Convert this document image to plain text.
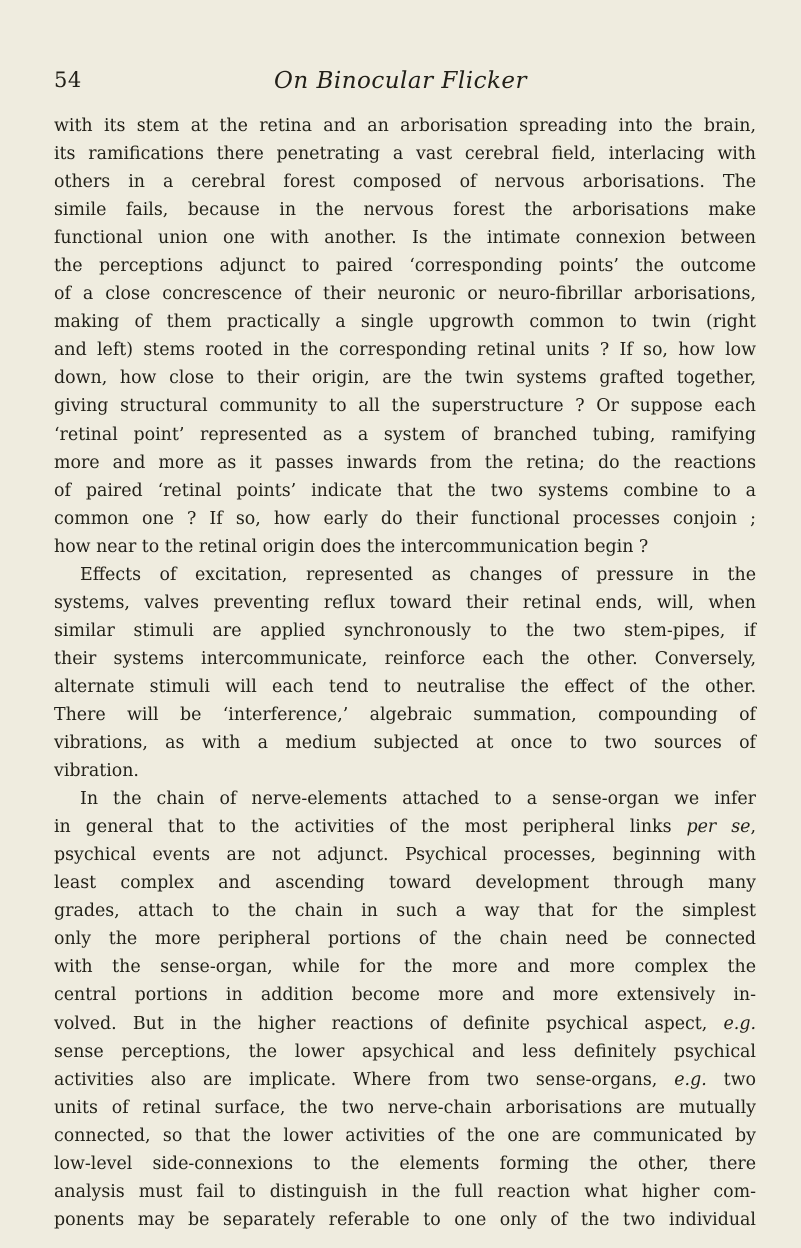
54	On Binocular Flicker
with its stem at the retina and an arborisation spreading into the brain,
its ramifications there penetrating a vast cerebral field, interlacing with
others in a cerebral forest composed of nervous arborisations. The
simile fails, because in the nervous forest the arborisations make
functional union one with another. Is the intimate connexion between
the perceptions adjunct to paired ‘corresponding points’ the outcome
of a close concrescence of their neuronic or neuro-fibrillar arborisations,
making of them practically a single upgrowth common to twin (right
and left) stems rooted in the corresponding retinal units ? If so, how low
down, how close to their origin, are the twin systems grafted together,
giving structural community to all the superstructure ? Or suppose each
‘retinal point’ represented as a system of branched tubing, ramifying
more and more as it passes inwards from the retina; do the reactions
of paired ‘retinal points’ indicate that the two systems combine to a
common one ? If so, how early do their functional processes conjoin ;
how near to the retinal origin does the intercommunication begin ?
Effects of excitation, represented as changes of pressure in the
systems, valves preventing reflux toward their retinal ends, will, when
similar stimuli are applied synchronously to the two stem-pipes, if
their systems intercommunicate, reinforce each the other. Conversely,
alternate stimuli will each tend to neutralise the effect of the other.
There will be ‘interference,’ algebraic summation, compounding of
vibrations, as with a medium subjected at once to two sources of
vibration.
In the chain of nerve-elements attached to a sense-organ we infer
in general that to the activities of the most peripheral links per se,
psychical events are not adjunct. Psychical processes, beginning with
least complex and ascending toward development through many
grades, attach to the chain in such a way that for the simplest
only the more peripheral portions of the chain need be connected
with the sense-organ, while for the more and more complex the
central portions in addition become more and more extensively in-
volved. But in the higher reactions of definite psychical aspect, e.g.
sense perceptions, the lower apsychical and less definitely psychical
activities also are implicate. Where from two sense-organs, e.g. two
units of retinal surface, the two nerve-chain arborisations are mutually
connected, so that the lower activities of the one are communicated by
low-level side-connexions to the elements forming the other, there
analysis must fail to distinguish in the full reaction what higher com-
ponents may be separately referable to one only of the two individual
